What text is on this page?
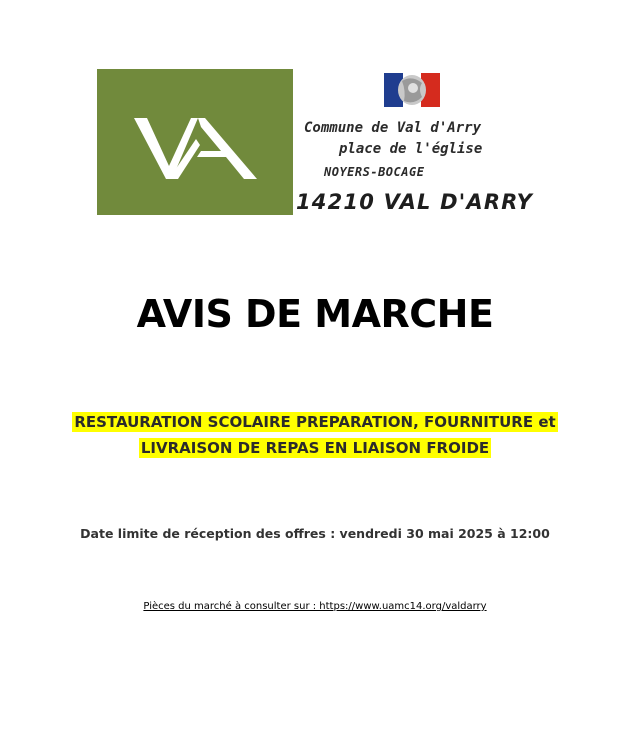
Commune de Val d'Arry
place de l'église
NOYERS-BOCAGE
14210 VAL D'ARRY
AVIS DE MARCHE
RESTAURATION SCOLAIRE PREPARATION, FOURNITURE et
LIVRAISON DE REPAS EN LIAISON FROIDE
Date limite de réception des offres : vendredi 30 mai 2025 à 12:00
Pièces du marché à consulter sur : https://www.uamc14.org/valdarry
